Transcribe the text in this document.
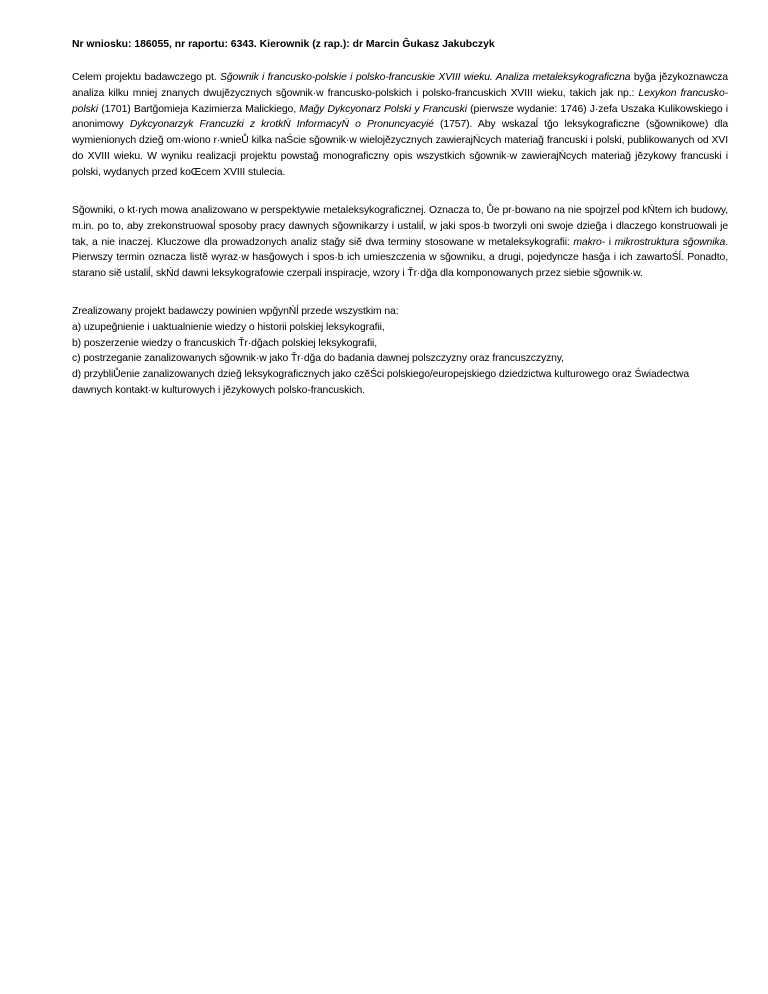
Nr wniosku: 186055, nr raportu: 6343. Kierownik (z rap.): dr Marcin Ĝukasz Jakubczyk
Celem projektu badawczego pt. Sğownik i francusko-polskie i polsko-francuskie XVIII wieku. Analiza metaleksykograficzna byğa jĕzykoznawcza analiza kilku mniej znanych dwujĕzycznych sğownik·w francusko-polskich i polsko-francuskich XVIII wieku, takich jak np.: Lexykon francusko-polski (1701) Bartğomieja Kazimierza Malickiego, Mağy Dykcyonarz Polski y Francuski (pierwsze wydanie: 1746) J·zefa Uszaka Kulikowskiego i anonimowy Dykcyonarzyk Francuzki z krotkŃ InformacyŃ o Pronuncyacyié (1757). Aby wskazaĺ tğo leksykograficzne (sğownikowe) dla wymienionych dzieğ om·wiono r·wnieŮ kilka naŚcie sğownik·w wielojĕzycznych zawierajŃcych materiağ francuski i polski, publikowanych od XVI do XVIII wieku. W wyniku realizacji projektu powstağ monograficzny opis wszystkich sğownik·w zawierajŃcych materiağ jĕzykowy francuski i polski, wydanych przed koŒcem XVIII stulecia.
Sğowniki, o kt·rych mowa analizowano w perspektywie metaleksykograficznej. Oznacza to, Ůe pr·bowano na nie spojrzeĺ pod kŃtem ich budowy, m.in. po to, aby zrekonstruowaĺ sposoby pracy dawnych sğownikarzy i ustaliĺ, w jaki spos·b tworzyli oni swoje dzieğa i dlaczego konstruowali je tak, a nie inaczej. Kluczowe dla prowadzonych analiz stağy siĕ dwa terminy stosowane w metaleksykografii: makro- i mikrostruktura sğownika. Pierwszy termin oznacza listĕ wyraz·w hasğowych i spos·b ich umieszczenia w sğowniku, a drugi, pojedyncze hasğa i ich zawartoŚĺ. Ponadto, starano siĕ ustaliĺ, skŃd dawni leksykografowie czerpali inspiracje, wzory i Ťr·dğa dla komponowanych przez siebie sğownik·w.
Zrealizowany projekt badawczy powinien wpğynŃĺ przede wszystkim na:
a) uzupeğnienie i uaktualnienie wiedzy o historii polskiej leksykografii,
b) poszerzenie wiedzy o francuskich Ťr·dğach polskiej leksykografii,
c) postrzeganie zanalizowanych sğownik·w jako Ťr·dğa do badania dawnej polszczyzny oraz francuszczyzny,
d) przybliŮenie zanalizowanych dzieğ leksykograficznych jako czĕŚci polskiego/europejskiego dziedzictwa kulturowego oraz Świadectwa dawnych kontakt·w kulturowych i jĕzykowych polsko-francuskich.
